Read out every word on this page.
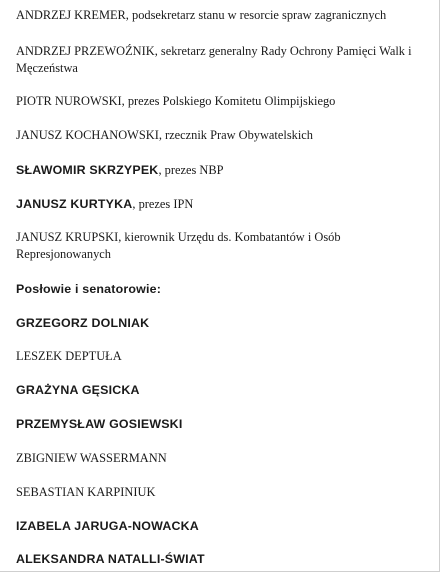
ANDRZEJ KREMER, podsekretarz stanu w resorcie spraw zagranicznych

ANDRZEJ PRZEWOŹNIK, sekretarz generalny Rady Ochrony Pamięci Walk i Męczeństwa

PIOTR NUROWSKI, prezes Polskiego Komitetu Olimpijskiego

JANUSZ KOCHANOWSKI, rzecznik Praw Obywatelskich

SŁAWOMIR SKRZYPEK, prezes NBP

JANUSZ KURTYKA, prezes IPN

JANUSZ KRUPSKI, kierownik Urzędu ds. Kombatantów i Osób Represjonowanych

Posłowie i senatorowie:

GRZEGORZ DOLNIAK

LESZEK DEPTUŁA

GRAŻYNA GĘSICKA

PRZEMYSŁAW GOSIEWSKI

ZBIGNIEW WASSERMANN

SEBASTIAN KARPINIUK

IZABELA JARUGA-NOWACKA

ALEKSANDRA NATALLI-ŚWIAT
